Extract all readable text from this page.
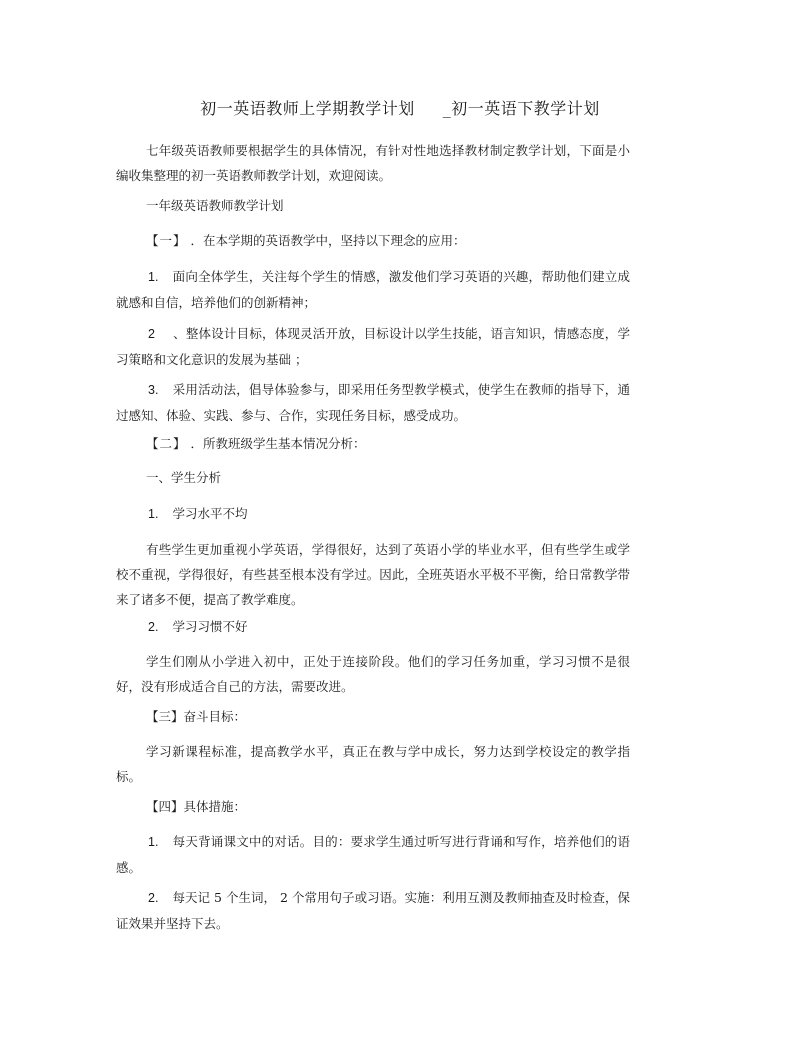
初一英语教师上学期教学计划 _初一英语下教学计划
七年级英语教师要根据学生的具体情况，有针对性地选择教材制定教学计划，下面是小编收集整理的初一英语教师教学计划，欢迎阅读。
一年级英语教师教学计划
【一】 ．在本学期的英语教学中，坚持以下理念的应用：
1. 面向全体学生，关注每个学生的情感，激发他们学习英语的兴趣，帮助他们建立成就感和自信，培养他们的创新精神；
2 、整体设计目标，体现灵活开放，目标设计以学生技能，语言知识，情感态度，学习策略和文化意识的发展为基础 ；
3. 采用活动法，倡导体验参与，即采用任务型教学模式，使学生在教师的指导下，通过感知、体验、实践、参与、合作，实现任务目标，感受成功。
【二】 ．所教班级学生基本情况分析：
一、学生分析
1. 学习水平不均
有些学生更加重视小学英语，学得很好，达到了英语小学的毕业水平，但有些学生或学校不重视，学得很好，有些甚至根本没有学过。因此，全班英语水平极不平衡，给日常教学带来了诸多不便，提高了教学难度。
2. 学习习惯不好
学生们刚从小学进入初中，正处于连接阶段。他们的学习任务加重，学习习惯不是很好，没有形成适合自己的方法，需要改进。
【三】奋斗目标：
学习新课程标准，提高教学水平，真正在教与学中成长，努力达到学校设定的教学指标。
【四】具体措施：
1. 每天背诵课文中的对话。目的：要求学生通过听写进行背诵和写作，培养他们的语感。
2. 每天记 5 个生词， 2 个常用句子或习语。实施：利用互测及教师抽查及时检查，保证效果并坚持下去。
